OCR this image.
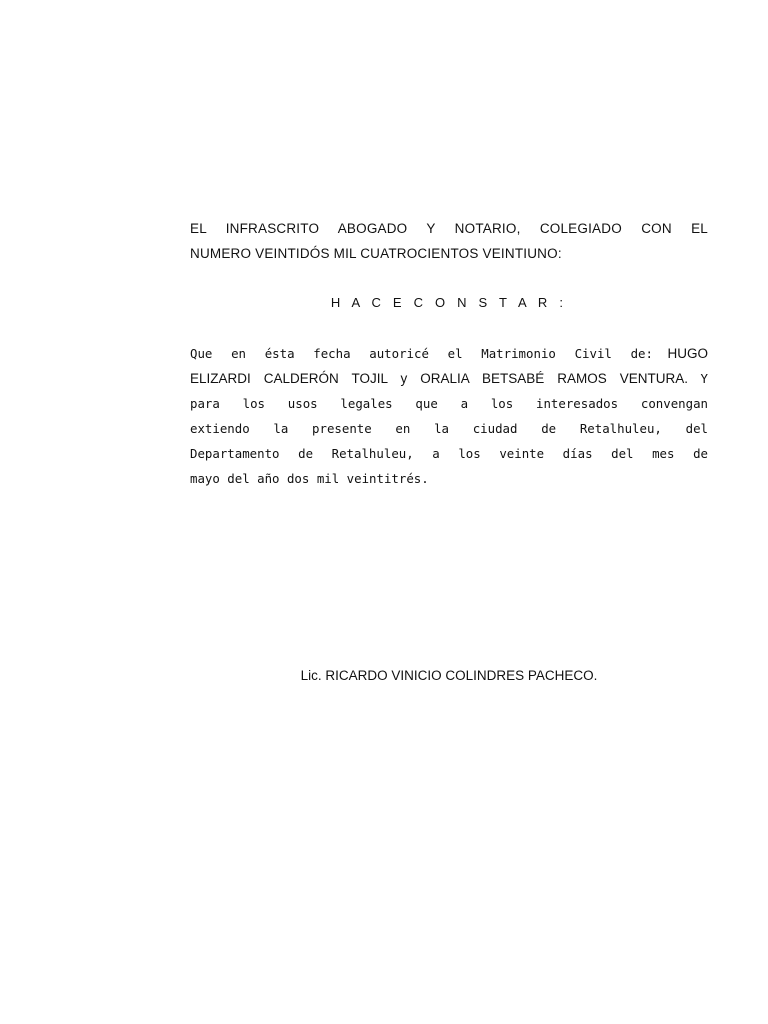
EL INFRASCRITO ABOGADO Y NOTARIO, COLEGIADO CON EL
NUMERO VEINTIDÓS MIL CUATROCIENTOS VEINTIUNO:
H A C E C O N S T A R :
Que en ésta fecha autoricé el Matrimonio Civil de: HUGO
ELIZARDI CALDERÓN TOJIL y ORALIA BETSABÉ RAMOS VENTURA. Y
para los usos legales que a los interesados convengan
extiendo la presente en la ciudad de Retalhuleu, del
Departamento de Retalhuleu, a los veinte días del mes de
mayo del año dos mil veintitrés.
Lic. RICARDO VINICIO COLINDRES PACHECO.
